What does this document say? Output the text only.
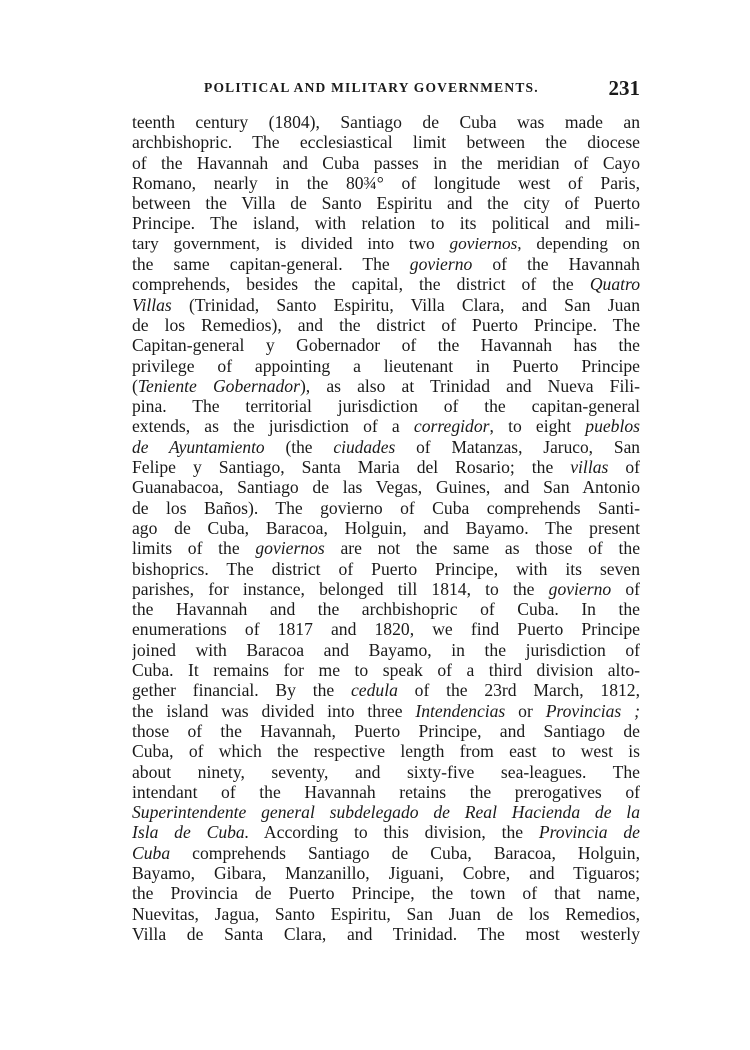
POLITICAL AND MILITARY GOVERNMENTS.	231
teenth century (1804), Santiago de Cuba was made an
archbishopric. The ecclesiastical limit between the diocese
of the Havannah and Cuba passes in the meridian of Cayo
Romano, nearly in the 80¾° of longitude west of Paris,
between the Villa de Santo Espiritu and the city of Puerto
Principe. The island, with relation to its political and mili-
tary government, is divided into two goviernos, depending on
the same capitan-general. The govierno of the Havannah
comprehends, besides the capital, the district of the Quatro
Villas (Trinidad, Santo Espiritu, Villa Clara, and San Juan
de los Remedios), and the district of Puerto Principe. The
Capitan-general y Gobernador of the Havannah has the
privilege of appointing a lieutenant in Puerto Principe
(Teniente Gobernador), as also at Trinidad and Nueva Fili-
pina. The territorial jurisdiction of the capitan-general
extends, as the jurisdiction of a corregidor, to eight pueblos
de Ayuntamiento (the ciudades of Matanzas, Jaruco, San
Felipe y Santiago, Santa Maria del Rosario; the villas of
Guanabacoa, Santiago de las Vegas, Guines, and San Antonio
de los Baños). The govierno of Cuba comprehends Santi-
ago de Cuba, Baracoa, Holguin, and Bayamo. The present
limits of the goviernos are not the same as those of the
bishoprics. The district of Puerto Principe, with its seven
parishes, for instance, belonged till 1814, to the govierno of
the Havannah and the archbishopric of Cuba. In the
enumerations of 1817 and 1820, we find Puerto Principe
joined with Baracoa and Bayamo, in the jurisdiction of
Cuba. It remains for me to speak of a third division alto-
gether financial. By the cedula of the 23rd March, 1812,
the island was divided into three Intendencias or Provincias ;
those of the Havannah, Puerto Principe, and Santiago de
Cuba, of which the respective length from east to west is
about ninety, seventy, and sixty-five sea-leagues. The
intendant of the Havannah retains the prerogatives of
Superintendente general subdelegado de Real Hacienda de la
Isla de Cuba. According to this division, the Provincia de
Cuba comprehends Santiago de Cuba, Baracoa, Holguin,
Bayamo, Gibara, Manzanillo, Jiguani, Cobre, and Tiguaros;
the Provincia de Puerto Principe, the town of that name,
Nuevitas, Jagua, Santo Espiritu, San Juan de los Remedios,
Villa de Santa Clara, and Trinidad. The most westerly
